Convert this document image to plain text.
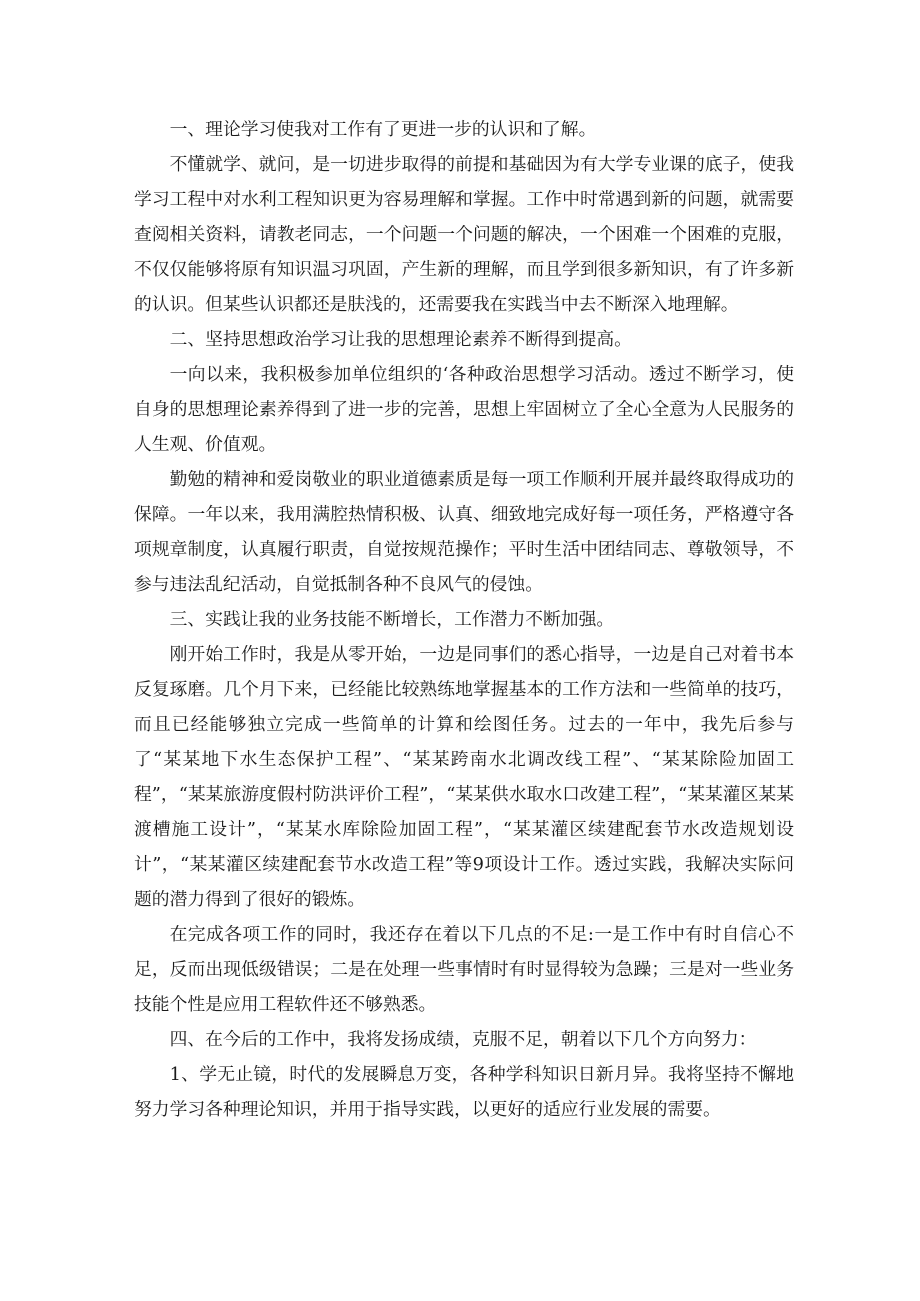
一、理论学习使我对工作有了更进一步的认识和了解。

不懂就学、就问，是一切进步取得的前提和基础因为有大学专业课的底子，使我学习工程中对水利工程知识更为容易理解和掌握。工作中时常遇到新的问题，就需要查阅相关资料，请教老同志，一个问题一个问题的解决，一个困难一个困难的克服，不仅仅能够将原有知识温习巩固，产生新的理解，而且学到很多新知识，有了许多新的认识。但某些认识都还是肤浅的，还需要我在实践当中去不断深入地理解。

二、坚持思想政治学习让我的思想理论素养不断得到提高。

一向以来，我积极参加单位组织的‘各种政治思想学习活动。透过不断学习，使自身的思想理论素养得到了进一步的完善，思想上牢固树立了全心全意为人民服务的人生观、价值观。

勤勉的精神和爱岗敬业的职业道德素质是每一项工作顺利开展并最终取得成功的保障。一年以来，我用满腔热情积极、认真、细致地完成好每一项任务，严格遵守各项规章制度，认真履行职责，自觉按规范操作；平时生活中团结同志、尊敬领导，不参与违法乱纪活动，自觉抵制各种不良风气的侵蚀。

三、实践让我的业务技能不断增长，工作潜力不断加强。

刚开始工作时，我是从零开始，一边是同事们的悉心指导，一边是自己对着书本反复琢磨。几个月下来，已经能比较熟练地掌握基本的工作方法和一些简单的技巧，而且已经能够独立完成一些简单的计算和绘图任务。过去的一年中，我先后参与了“某某地下水生态保护工程”、“某某跨南水北调改线工程”、“某某除险加固工程”，“某某旅游度假村防洪评价工程”，“某某供水取水口改建工程”，“某某灌区某某渡槽施工设计”，“某某水库除险加固工程”，“某某灌区续建配套节水改造规划设计”，“某某灌区续建配套节水改造工程”等9项设计工作。透过实践，我解决实际问题的潜力得到了很好的锻炼。

在完成各项工作的同时，我还存在着以下几点的不足:一是工作中有时自信心不足，反而出现低级错误；二是在处理一些事情时有时显得较为急躁；三是对一些业务技能个性是应用工程软件还不够熟悉。

四、在今后的工作中，我将发扬成绩，克服不足，朝着以下几个方向努力：

1、学无止镜，时代的发展瞬息万变，各种学科知识日新月异。我将坚持不懈地努力学习各种理论知识，并用于指导实践，以更好的适应行业发展的需要。
